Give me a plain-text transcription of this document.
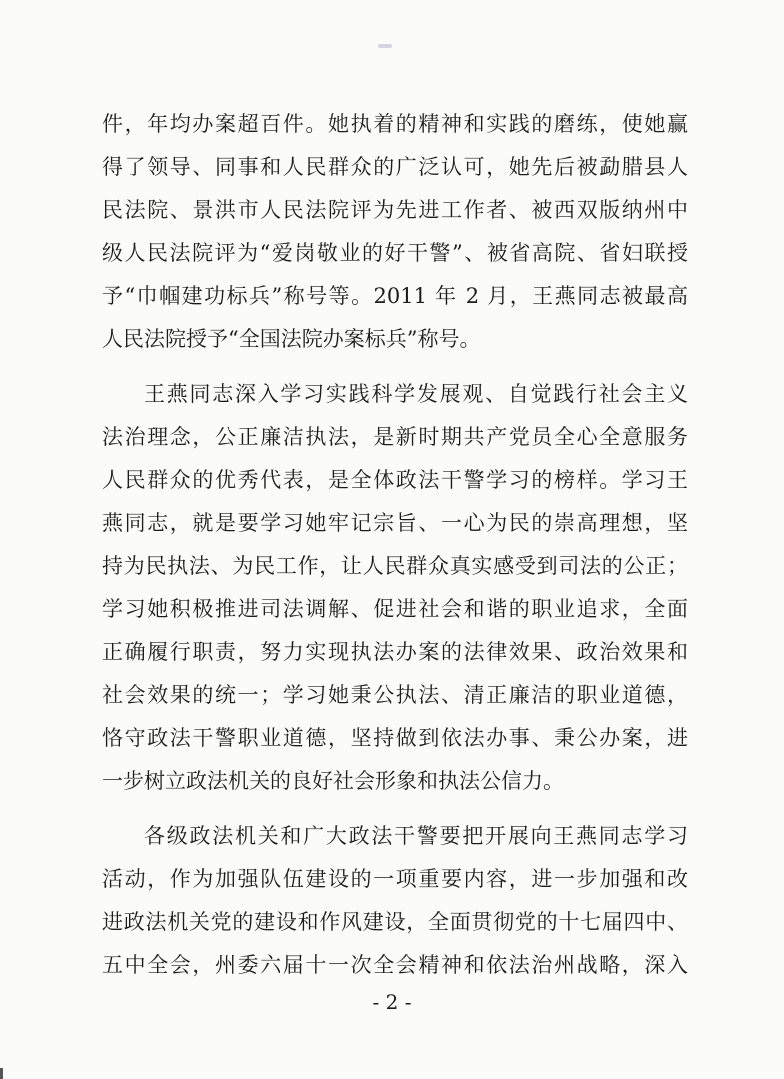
件，年均办案超百件。她执着的精神和实践的磨练，使她赢
得了领导、同事和人民群众的广泛认可，她先后被勐腊县人
民法院、景洪市人民法院评为先进工作者、被西双版纳州中
级人民法院评为“爱岗敬业的好干警”、被省高院、省妇联授
予“巾帼建功标兵”称号等。2011 年 2 月，王燕同志被最高
人民法院授予“全国法院办案标兵”称号。
王燕同志深入学习实践科学发展观、自觉践行社会主义
法治理念，公正廉洁执法，是新时期共产党员全心全意服务
人民群众的优秀代表，是全体政法干警学习的榜样。学习王
燕同志，就是要学习她牢记宗旨、一心为民的崇高理想，坚
持为民执法、为民工作，让人民群众真实感受到司法的公正；
学习她积极推进司法调解、促进社会和谐的职业追求，全面
正确履行职责，努力实现执法办案的法律效果、政治效果和
社会效果的统一；学习她秉公执法、清正廉洁的职业道德，
恪守政法干警职业道德，坚持做到依法办事、秉公办案，进
一步树立政法机关的良好社会形象和执法公信力。
各级政法机关和广大政法干警要把开展向王燕同志学习
活动，作为加强队伍建设的一项重要内容，进一步加强和改
进政法机关党的建设和作风建设，全面贯彻党的十七届四中、
五中全会，州委六届十一次全会精神和依法治州战略，深入
- 2 -
